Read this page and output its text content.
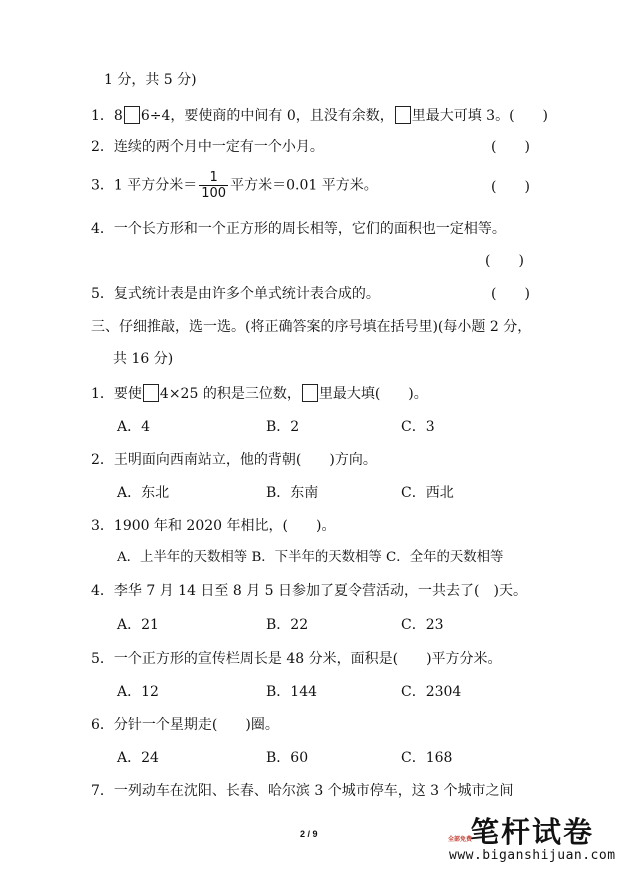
1 分，共 5 分)
1．8 6÷4，要使商的中间有 0，且没有余数， 里最大可填 3。(　　)
2．连续的两个月中一定有一个小月。	(　　)
3．1 平方分米＝ $\frac{1}{100}$ 平方米＝0.01 平方米。	(　　)
4．一个长方形和一个正方形的周长相等，它们的面积也一定相等。
(　　)
5．复式统计表是由许多个单式统计表合成的。	(　　)
三、仔细推敲，选一选。(将正确答案的序号填在括号里)(每小题 2 分，
共 16 分)
1．要使 4×25 的积是三位数， 里最大填(　　)。
A．4	B．2	C．3
2．王明面向西南站立，他的背朝(　　)方向。
A．东北	B．东南	C．西北
3．1900 年和 2020 年相比，(　　)。
A．上半年的天数相等 B．下半年的天数相等 C．全年的天数相等
4．李华 7 月 14 日至 8 月 5 日参加了夏令营活动，一共去了(　)天。
A．21	B．22	C．23
5．一个正方形的宣传栏周长是 48 分米，面积是(　　)平方分米。
A．12	B．144	C．2304
6．分针一个星期走(　　)圈。
A．24	B．60	C．168
7．一列动车在沈阳、长春、哈尔滨 3 个城市停车，这 3 个城市之间
2 / 9	笔杆试卷
全部免费
www.biganshijuan.com
